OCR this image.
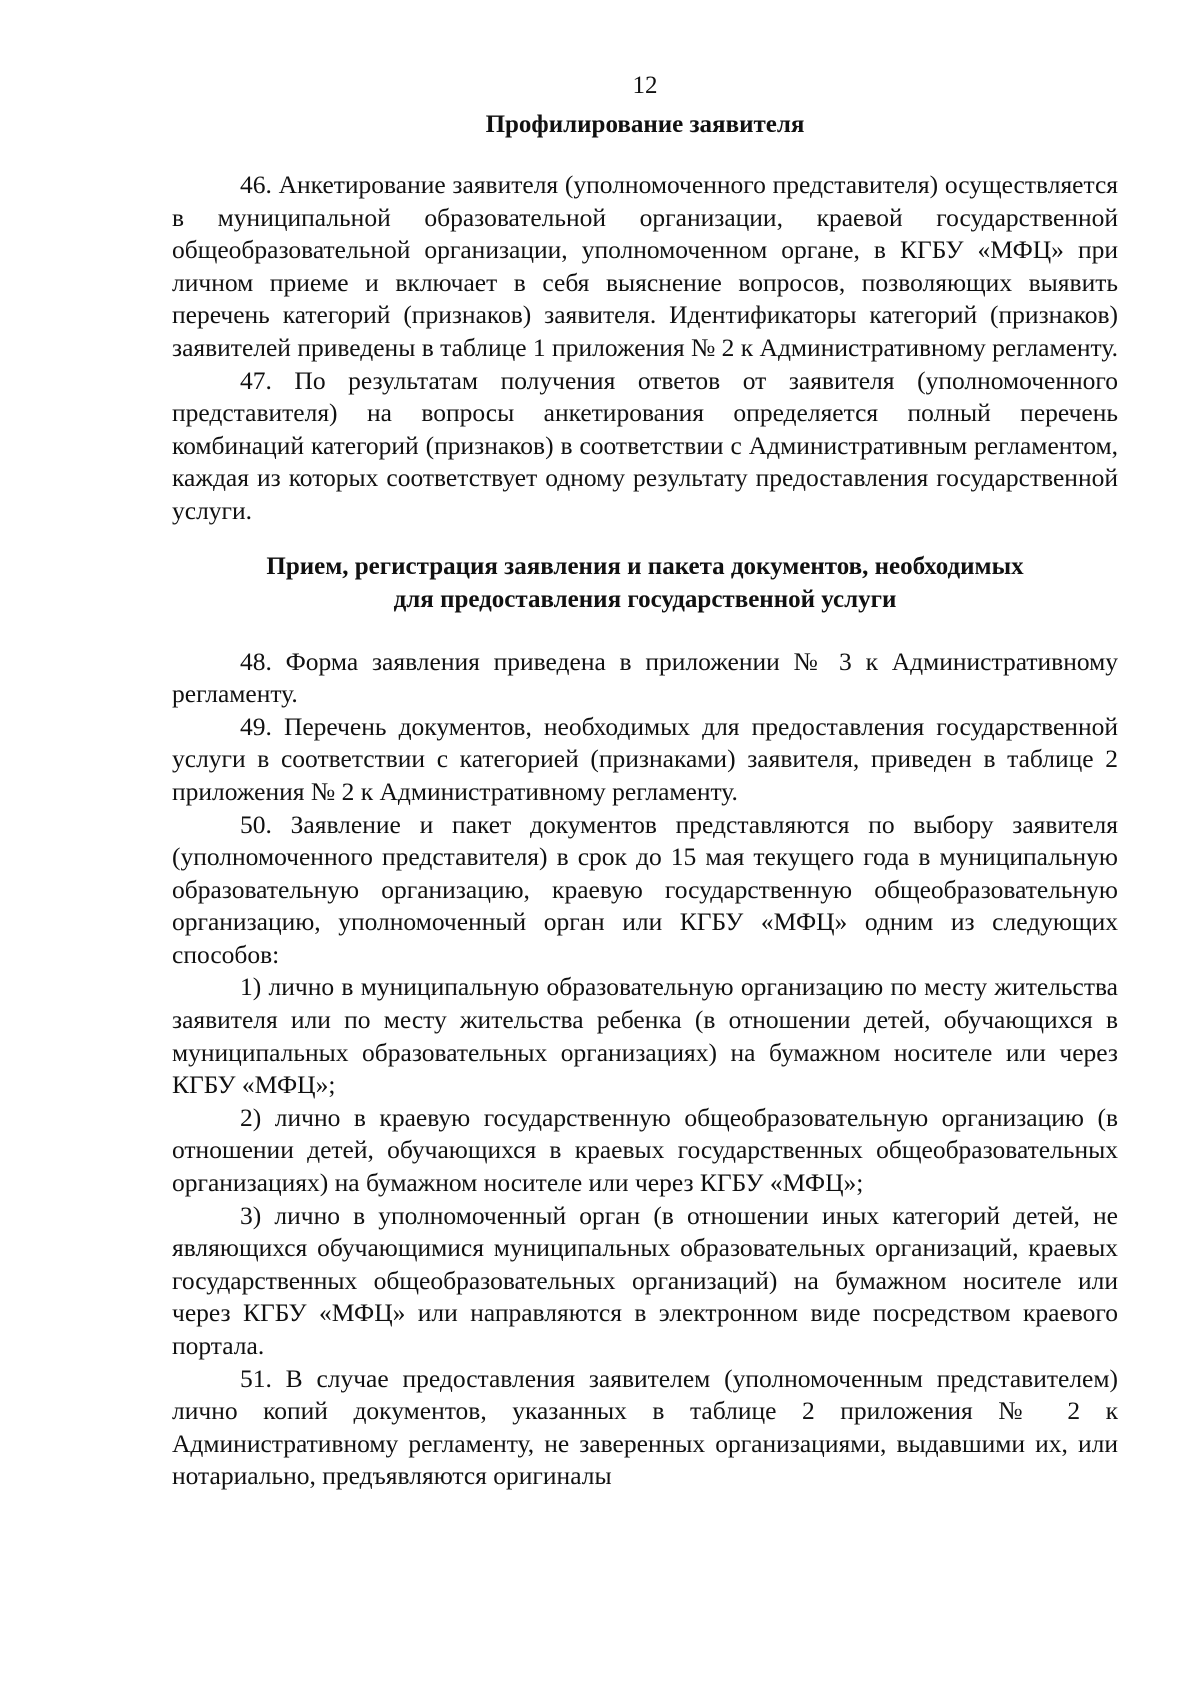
12
Профилирование заявителя

46. Анкетирование заявителя (уполномоченного представителя) осуществляется в муниципальной образовательной организации, краевой государственной общеобразовательной организации, уполномоченном органе, в КГБУ «МФЦ» при личном приеме и включает в себя выяснение вопросов, позволяющих выявить перечень категорий (признаков) заявителя. Идентификаторы категорий (признаков) заявителей приведены в таблице 1 приложения № 2 к Административному регламенту.

47. По результатам получения ответов от заявителя (уполномоченного представителя) на вопросы анкетирования определяется полный перечень комбинаций категорий (признаков) в соответствии с Административным регламентом, каждая из которых соответствует одному результату предоставления государственной услуги.

Прием, регистрация заявления и пакета документов, необходимых
для предоставления государственной услуги

48. Форма заявления приведена в приложении № 3 к Административному регламенту.

49. Перечень документов, необходимых для предоставления государственной услуги в соответствии с категорией (признаками) заявителя, приведен в таблице 2 приложения № 2 к Административному регламенту.

50. Заявление и пакет документов представляются по выбору заявителя (уполномоченного представителя) в срок до 15 мая текущего года в муниципальную образовательную организацию, краевую государственную общеобразовательную организацию, уполномоченный орган или КГБУ «МФЦ» одним из следующих способов:

1) лично в муниципальную образовательную организацию по месту жительства заявителя или по месту жительства ребенка (в отношении детей, обучающихся в муниципальных образовательных организациях) на бумажном носителе или через КГБУ «МФЦ»;

2) лично в краевую государственную общеобразовательную организацию (в отношении детей, обучающихся в краевых государственных общеобразовательных организациях) на бумажном носителе или через КГБУ «МФЦ»;

3) лично в уполномоченный орган (в отношении иных категорий детей, не являющихся обучающимися муниципальных образовательных организаций, краевых государственных общеобразовательных организаций) на бумажном носителе или через КГБУ «МФЦ» или направляются в электронном виде посредством краевого портала.

51. В случае предоставления заявителем (уполномоченным представителем) лично копий документов, указанных в таблице 2 приложения № 2 к Административному регламенту, не заверенных организациями, выдавшими их, или нотариально, предъявляются оригиналы
